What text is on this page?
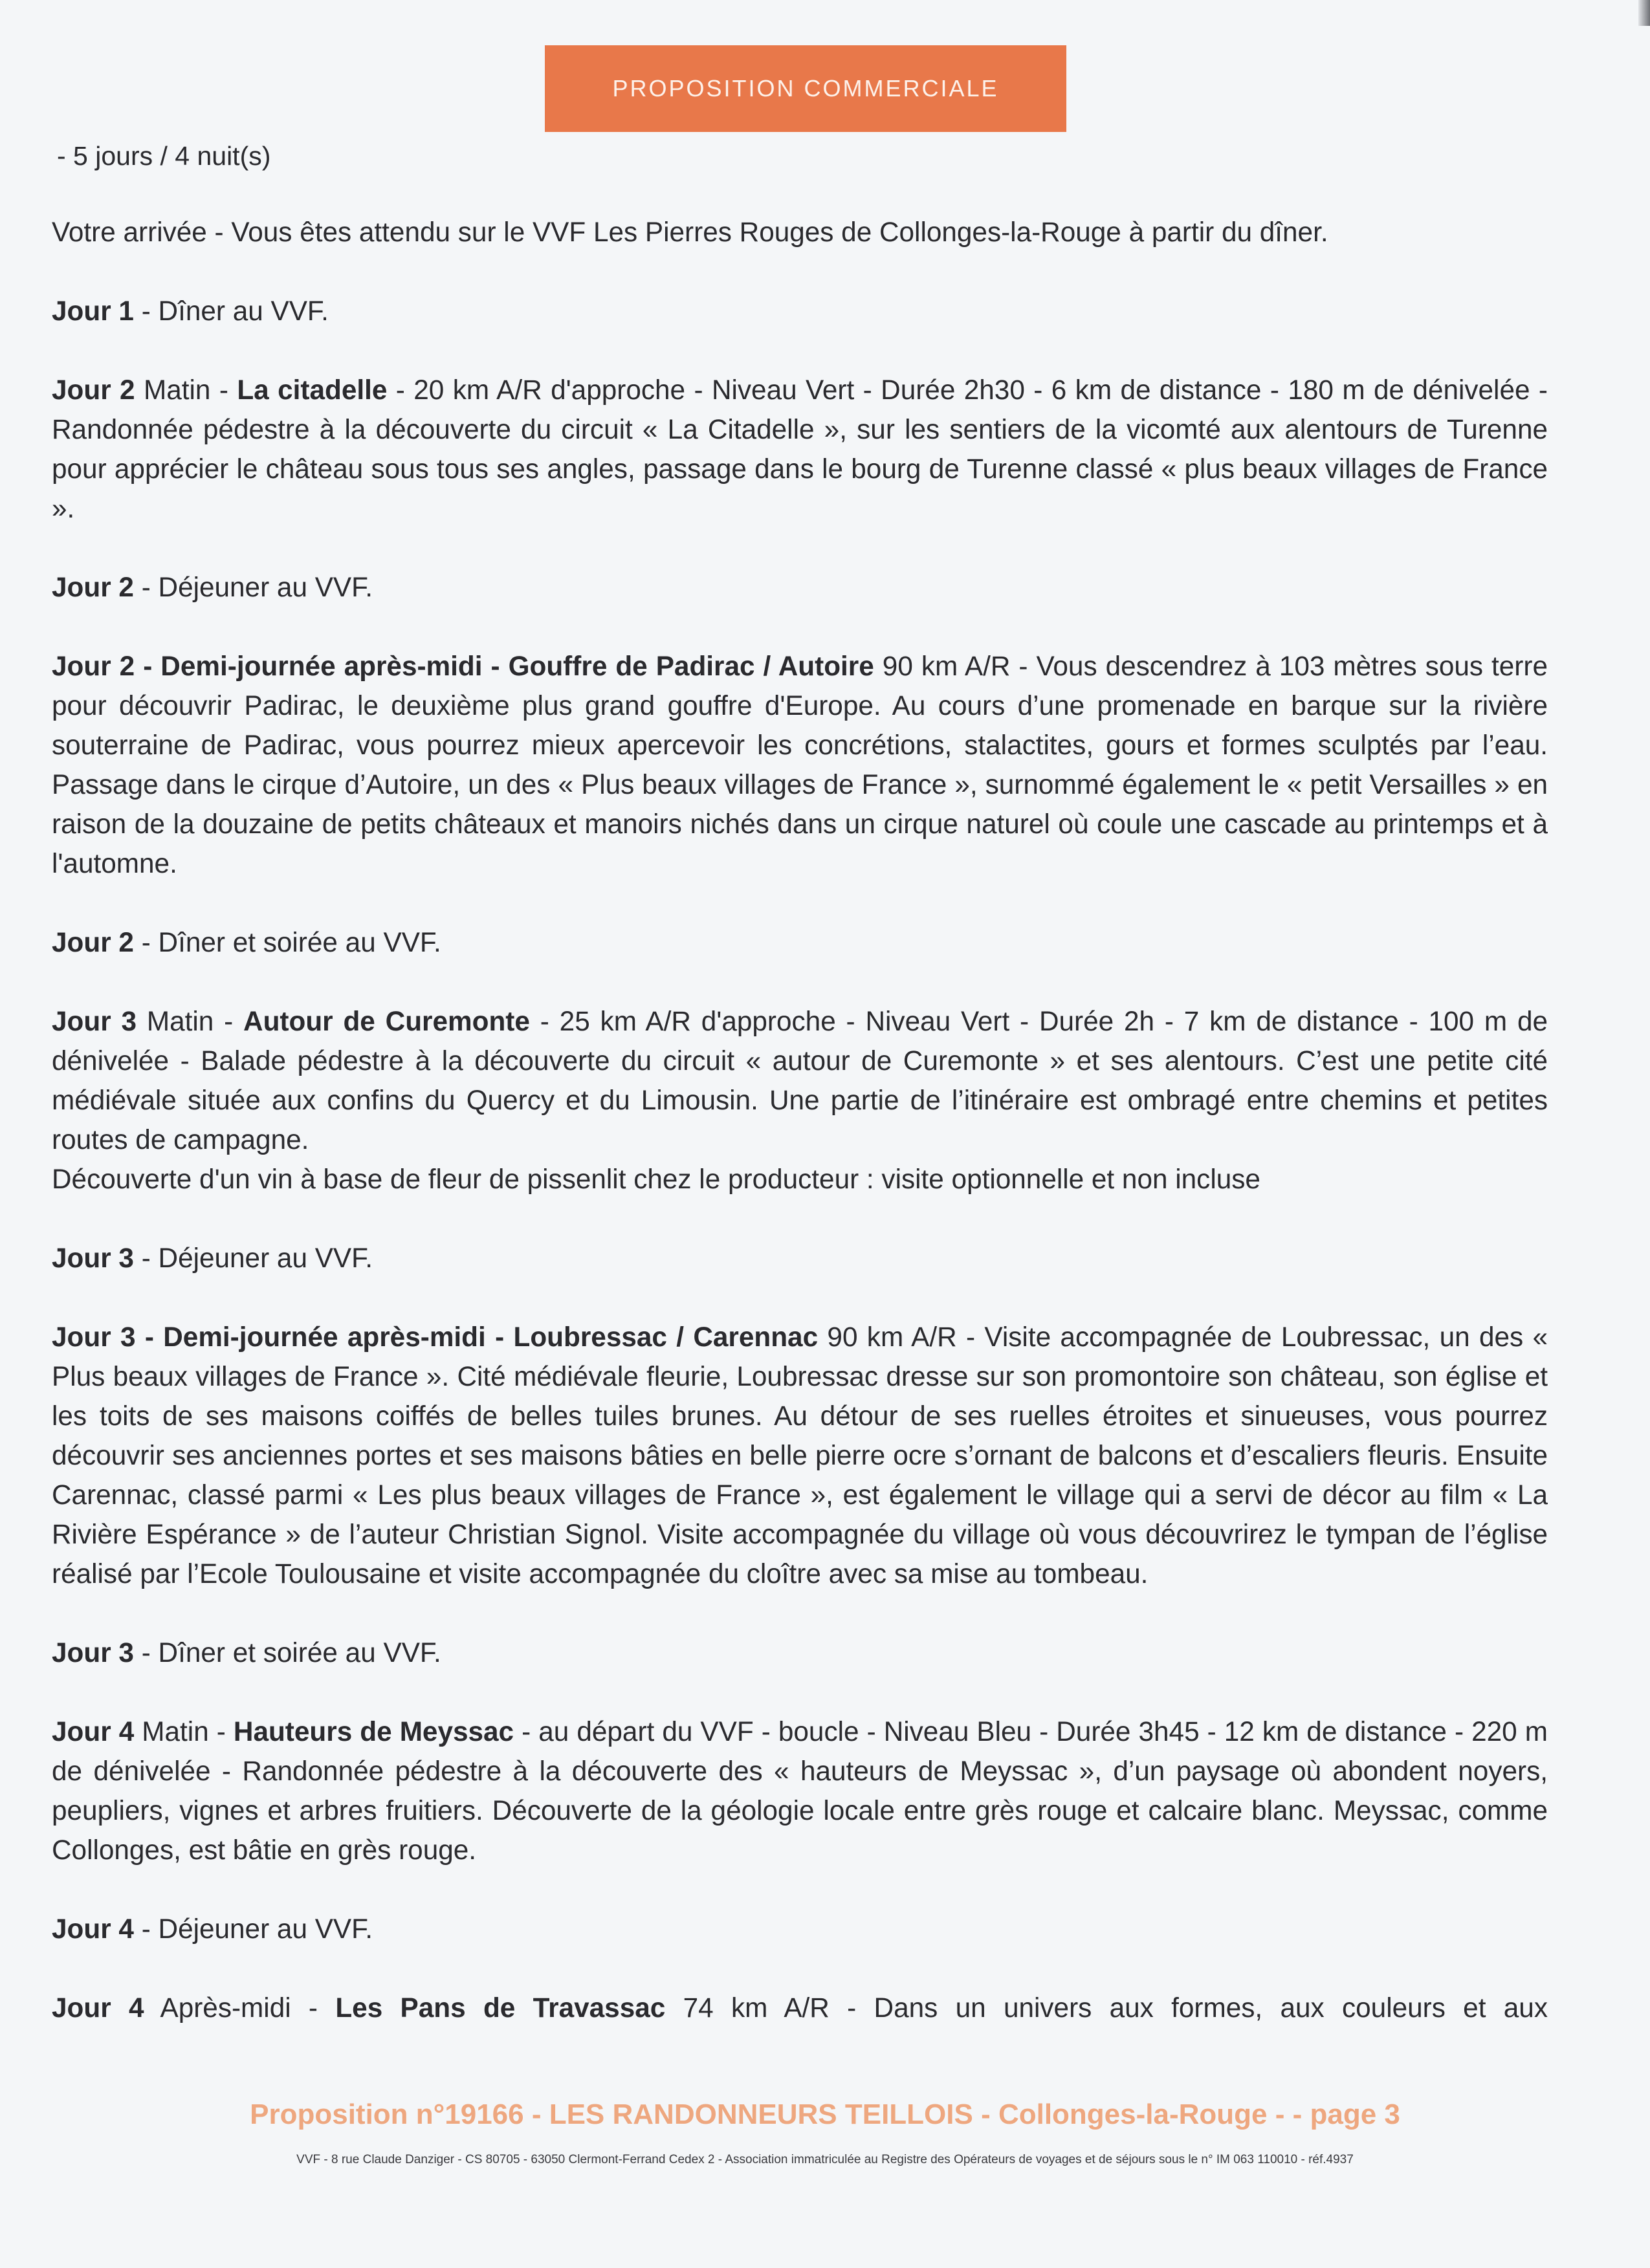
PROPOSITION COMMERCIALE
- 5 jours / 4 nuit(s)

Votre arrivée - Vous êtes attendu sur le VVF Les Pierres Rouges de Collonges-la-Rouge à partir du dîner.

Jour 1 - Dîner au VVF.

Jour 2 Matin - La citadelle - 20 km A/R d'approche - Niveau Vert - Durée 2h30 - 6 km de distance - 180 m de dénivelée - Randonnée pédestre à la découverte du circuit « La Citadelle », sur les sentiers de la vicomté aux alentours de Turenne pour apprécier le château sous tous ses angles, passage dans le bourg de Turenne classé « plus beaux villages de France ».

Jour 2 - Déjeuner au VVF.

Jour 2 - Demi-journée après-midi - Gouffre de Padirac / Autoire 90 km A/R - Vous descendrez à 103 mètres sous terre pour découvrir Padirac, le deuxième plus grand gouffre d'Europe. Au cours d’une promenade en barque sur la rivière souterraine de Padirac, vous pourrez mieux apercevoir les concrétions, stalactites, gours et formes sculptés par l’eau. Passage dans le cirque d’Autoire, un des « Plus beaux villages de France », surnommé également le « petit Versailles » en raison de la douzaine de petits châteaux et manoirs nichés dans un cirque naturel où coule une cascade au printemps et à l'automne.

Jour 2 - Dîner et soirée au VVF.

Jour 3 Matin - Autour de Curemonte - 25 km A/R d'approche - Niveau Vert - Durée 2h - 7 km de distance - 100 m de dénivelée - Balade pédestre à la découverte du circuit « autour de Curemonte » et ses alentours. C’est une petite cité médiévale située aux confins du Quercy et du Limousin. Une partie de l’itinéraire est ombragé entre chemins et petites routes de campagne.
Découverte d'un vin à base de fleur de pissenlit chez le producteur : visite optionnelle et non incluse

Jour 3 - Déjeuner au VVF.

Jour 3 - Demi-journée après-midi - Loubressac / Carennac 90 km A/R - Visite accompagnée de Loubressac, un des « Plus beaux villages de France ». Cité médiévale fleurie, Loubressac dresse sur son promontoire son château, son église et les toits de ses maisons coiffés de belles tuiles brunes. Au détour de ses ruelles étroites et sinueuses, vous pourrez découvrir ses anciennes portes et ses maisons bâties en belle pierre ocre s’ornant de balcons et d’escaliers fleuris. Ensuite Carennac, classé parmi « Les plus beaux villages de France », est également le village qui a servi de décor au film « La Rivière Espérance » de l’auteur Christian Signol. Visite accompagnée du village où vous découvrirez le tympan de l’église réalisé par l’Ecole Toulousaine et visite accompagnée du cloître avec sa mise au tombeau.

Jour 3 - Dîner et soirée au VVF.

Jour 4 Matin - Hauteurs de Meyssac - au départ du VVF - boucle - Niveau Bleu - Durée 3h45 - 12 km de distance - 220 m de dénivelée - Randonnée pédestre à la découverte des « hauteurs de Meyssac », d’un paysage où abondent noyers, peupliers, vignes et arbres fruitiers. Découverte de la géologie locale entre grès rouge et calcaire blanc. Meyssac, comme Collonges, est bâtie en grès rouge.

Jour 4 - Déjeuner au VVF.

Jour 4 Après-midi - Les Pans de Travassac 74 km A/R - Dans un univers aux formes, aux couleurs et aux

Proposition n°19166 - LES RANDONNEURS TEILLOIS - Collonges-la-Rouge - - page 3
VVF - 8 rue Claude Danziger - CS 80705 - 63050 Clermont-Ferrand Cedex 2 - Association immatriculée au Registre des Opérateurs de voyages et de séjours sous le n° IM 063 110010 - réf.4937
